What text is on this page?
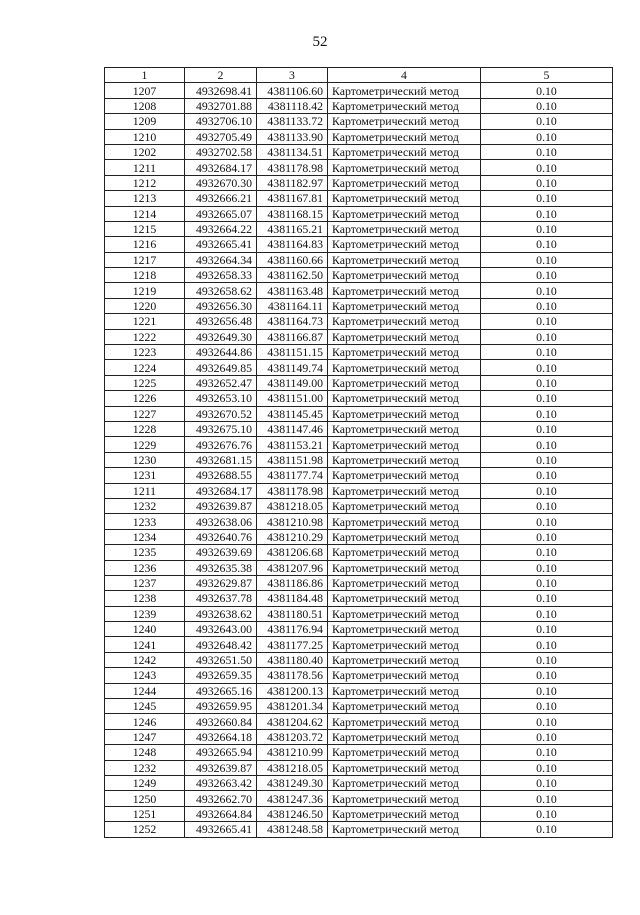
52
1	2	3	4	5
1207	4932698.41	4381106.60	Картометрический метод	0.10
1208	4932701.88	4381118.42	Картометрический метод	0.10
1209	4932706.10	4381133.72	Картометрический метод	0.10
1210	4932705.49	4381133.90	Картометрический метод	0.10
1202	4932702.58	4381134.51	Картометрический метод	0.10
1211	4932684.17	4381178.98	Картометрический метод	0.10
1212	4932670.30	4381182.97	Картометрический метод	0.10
1213	4932666.21	4381167.81	Картометрический метод	0.10
1214	4932665.07	4381168.15	Картометрический метод	0.10
1215	4932664.22	4381165.21	Картометрический метод	0.10
1216	4932665.41	4381164.83	Картометрический метод	0.10
1217	4932664.34	4381160.66	Картометрический метод	0.10
1218	4932658.33	4381162.50	Картометрический метод	0.10
1219	4932658.62	4381163.48	Картометрический метод	0.10
1220	4932656.30	4381164.11	Картометрический метод	0.10
1221	4932656.48	4381164.73	Картометрический метод	0.10
1222	4932649.30	4381166.87	Картометрический метод	0.10
1223	4932644.86	4381151.15	Картометрический метод	0.10
1224	4932649.85	4381149.74	Картометрический метод	0.10
1225	4932652.47	4381149.00	Картометрический метод	0.10
1226	4932653.10	4381151.00	Картометрический метод	0.10
1227	4932670.52	4381145.45	Картометрический метод	0.10
1228	4932675.10	4381147.46	Картометрический метод	0.10
1229	4932676.76	4381153.21	Картометрический метод	0.10
1230	4932681.15	4381151.98	Картометрический метод	0.10
1231	4932688.55	4381177.74	Картометрический метод	0.10
1211	4932684.17	4381178.98	Картометрический метод	0.10
1232	4932639.87	4381218.05	Картометрический метод	0.10
1233	4932638.06	4381210.98	Картометрический метод	0.10
1234	4932640.76	4381210.29	Картометрический метод	0.10
1235	4932639.69	4381206.68	Картометрический метод	0.10
1236	4932635.38	4381207.96	Картометрический метод	0.10
1237	4932629.87	4381186.86	Картометрический метод	0.10
1238	4932637.78	4381184.48	Картометрический метод	0.10
1239	4932638.62	4381180.51	Картометрический метод	0.10
1240	4932643.00	4381176.94	Картометрический метод	0.10
1241	4932648.42	4381177.25	Картометрический метод	0.10
1242	4932651.50	4381180.40	Картометрический метод	0.10
1243	4932659.35	4381178.56	Картометрический метод	0.10
1244	4932665.16	4381200.13	Картометрический метод	0.10
1245	4932659.95	4381201.34	Картометрический метод	0.10
1246	4932660.84	4381204.62	Картометрический метод	0.10
1247	4932664.18	4381203.72	Картометрический метод	0.10
1248	4932665.94	4381210.99	Картометрический метод	0.10
1232	4932639.87	4381218.05	Картометрический метод	0.10
1249	4932663.42	4381249.30	Картометрический метод	0.10
1250	4932662.70	4381247.36	Картометрический метод	0.10
1251	4932664.84	4381246.50	Картометрический метод	0.10
1252	4932665.41	4381248.58	Картометрический метод	0.10
